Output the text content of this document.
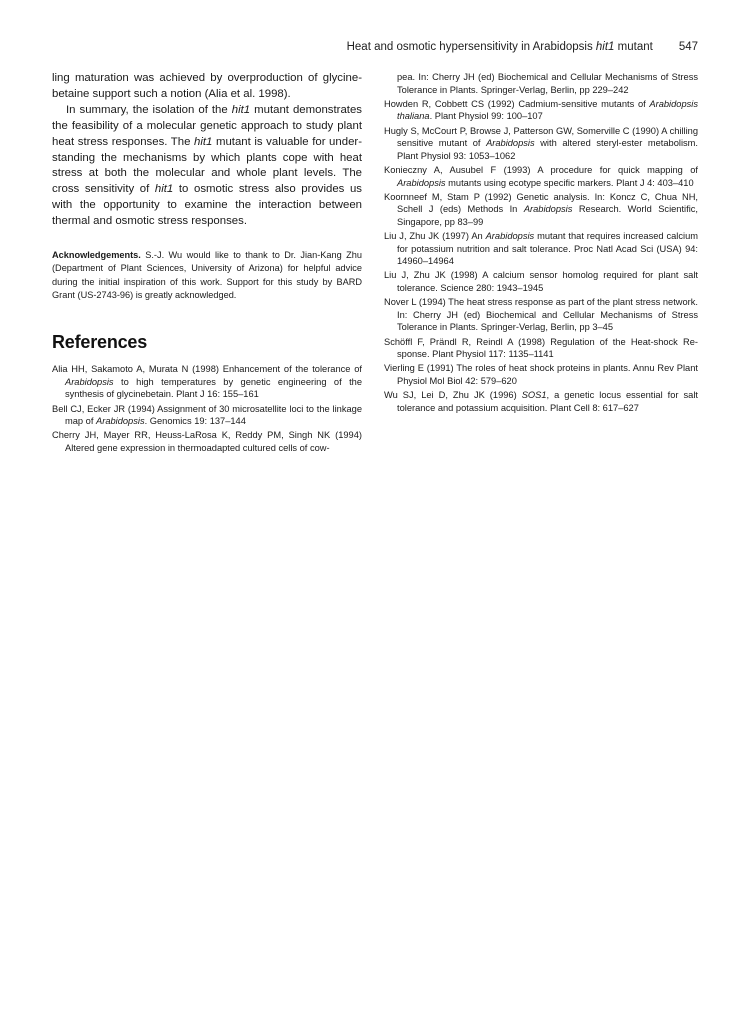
Heat and osmotic hypersensitivity in Arabidopsis hit1 mutant 547

ling maturation was achieved by overproduction of glycine-betaine support such a notion (Alia et al. 1998).

In summary, the isolation of the hit1 mutant demonstrates the feasibility of a molecular genetic approach to study plant heat stress responses. The hit1 mutant is valuable for understanding the mechanisms by which plants cope with heat stress at both the molecular and whole plant levels. The cross sensitivity of hit1 to osmotic stress also provides us with the opportunity to examine the interaction between thermal and osmotic stress responses.

Acknowledgements. S.-J. Wu would like to thank to Dr. Jian-Kang Zhu (Department of Plant Sciences, University of Arizona) for helpful advice during the initial inspiration of this work. Support for this study by BARD Grant (US-2743-96) is greatly acknowledged.
References
Alia HH, Sakamoto A, Murata N (1998) Enhancement of the tolerance of Arabidopsis to high temperatures by genetic engineering of the synthesis of glycinebetain. Plant J 16: 155–161
Bell CJ, Ecker JR (1994) Assignment of 30 microsatellite loci to the linkage map of Arabidopsis. Genomics 19: 137–144
Cherry JH, Mayer RR, Heuss-LaRosa K, Reddy PM, Singh NK (1994) Altered gene expression in thermoadapted cultured cells of cow-
pea. In: Cherry JH (ed) Biochemical and Cellular Mechanisms of Stress Tolerance in Plants. Springer-Verlag, Berlin, pp 229–242
Howden R, Cobbett CS (1992) Cadmium-sensitive mutants of Arabidopsis thaliana. Plant Physiol 99: 100–107
Hugly S, McCourt P, Browse J, Patterson GW, Somerville C (1990) A chilling sensitive mutant of Arabidopsis with altered steryl-ester metabolism. Plant Physiol 93: 1053–1062
Konieczny A, Ausubel F (1993) A procedure for quick mapping of Arabidopsis mutants using ecotype specific markers. Plant J 4: 403–410
Koornneef M, Stam P (1992) Genetic analysis. In: Koncz C, Chua NH, Schell J (eds) Methods In Arabidopsis Research. World Scientific, Singapore, pp 83–99
Liu J, Zhu JK (1997) An Arabidopsis mutant that requires increased calcium for potassium nutrition and salt tolerance. Proc Natl Acad Sci (USA) 94: 14960–14964
Liu J, Zhu JK (1998) A calcium sensor homolog required for plant salt tolerance. Science 280: 1943–1945
Nover L (1994) The heat stress response as part of the plant stress network. In: Cherry JH (ed) Biochemical and Cellular Mechanisms of Stress Tolerance in Plants. Springer-Verlag, Berlin, pp 3–45
Schöffl F, Prändl R, Reindl A (1998) Regulation of the Heat-shock Response. Plant Physiol 117: 1135–1141
Vierling E (1991) The roles of heat shock proteins in plants. Annu Rev Plant Physiol Mol Biol 42: 579–620
Wu SJ, Lei D, Zhu JK (1996) SOS1, a genetic locus essential for salt tolerance and potassium acquisition. Plant Cell 8: 617–627
